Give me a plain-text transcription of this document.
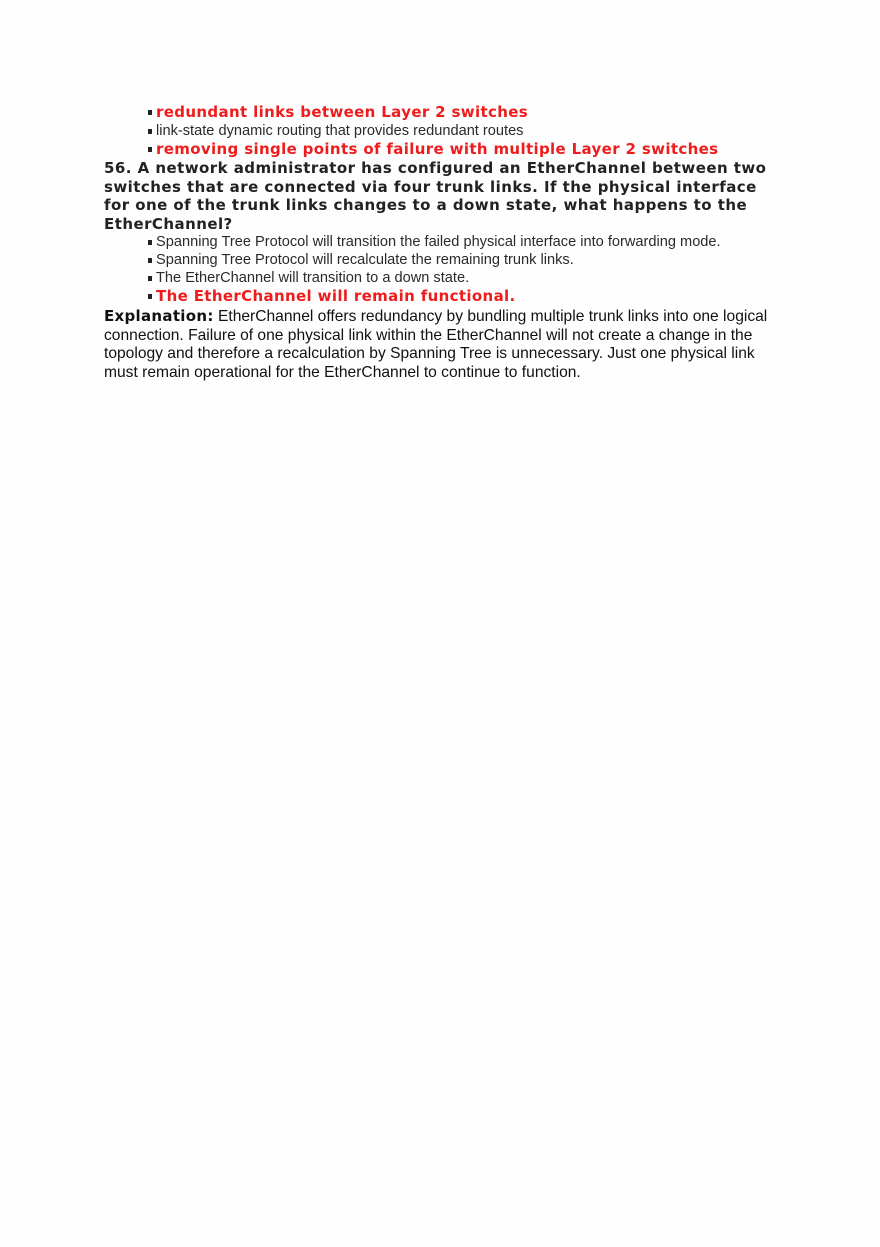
redundant links between Layer 2 switches
link-state dynamic routing that provides redundant routes
removing single points of failure with multiple Layer 2 switches

56. A network administrator has configured an EtherChannel between two switches that are connected via four trunk links. If the physical interface for one of the trunk links changes to a down state, what happens to the EtherChannel?

Spanning Tree Protocol will transition the failed physical interface into forwarding mode.
Spanning Tree Protocol will recalculate the remaining trunk links.
The EtherChannel will transition to a down state.
The EtherChannel will remain functional.

Explanation: EtherChannel offers redundancy by bundling multiple trunk links into one logical connection. Failure of one physical link within the EtherChannel will not create a change in the topology and therefore a recalculation by Spanning Tree is unnecessary. Just one physical link must remain operational for the EtherChannel to continue to function.
